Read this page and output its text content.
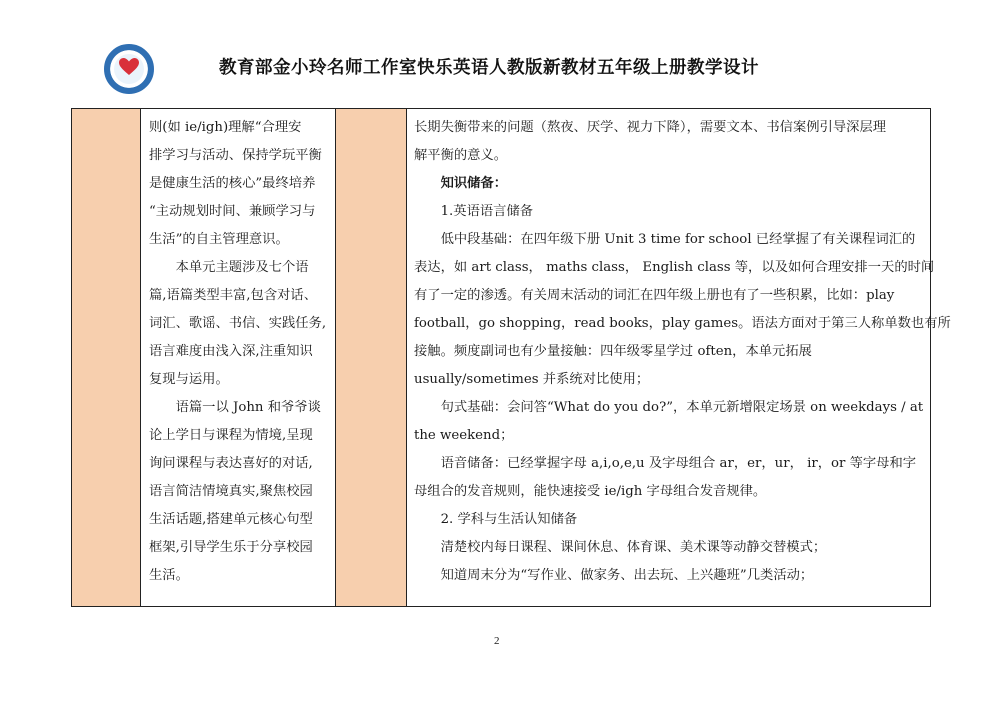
教育部金小玲名师工作室快乐英语人教版新教材五年级上册教学设计
则(如 ie/igh)理解“合理安
排学习与活动、保持学玩平衡
是健康生活的核心”最终培养
“主动规划时间、兼顾学习与
生活”的自主管理意识。
　　本单元主题涉及七个语
篇,语篇类型丰富,包含对话、
词汇、歌谣、书信、实践任务,
语言难度由浅入深,注重知识
复现与运用。
　　语篇一以 John 和爷爷谈
论上学日与课程为情境,呈现
询问课程与表达喜好的对话,
语言简洁情境真实,聚焦校园
生活话题,搭建单元核心句型
框架,引导学生乐于分享校园
生活。
长期失衡带来的问题（熬夜、厌学、视力下降），需要文本、书信案例引导深层理
解平衡的意义。
　　知识储备：
　　1.英语语言储备
　　低中段基础：在四年级下册 Unit 3 time for school 已经掌握了有关课程词汇的
表达，如 art class， maths class， English class 等，以及如何合理安排一天的时间
有了一定的渗透。有关周末活动的词汇在四年级上册也有了一些积累，比如：play
football，go shopping，read books，play games。语法方面对于第三人称单数也有所
接触。频度副词也有少量接触：四年级零星学过 often，本单元拓展
usually/sometimes 并系统对比使用；
　　句式基础：会问答“What do you do?”，本单元新增限定场景 on weekdays / at
the weekend；
　　语音储备：已经掌握字母 a,i,o,e,u 及字母组合 ar，er，ur， ir，or 等字母和字
母组合的发音规则，能快速接受 ie/igh 字母组合发音规律。
　　2. 学科与生活认知储备
　　清楚校内每日课程、课间休息、体育课、美术课等动静交替模式；
　　知道周末分为“写作业、做家务、出去玩、上兴趣班”几类活动；
2
